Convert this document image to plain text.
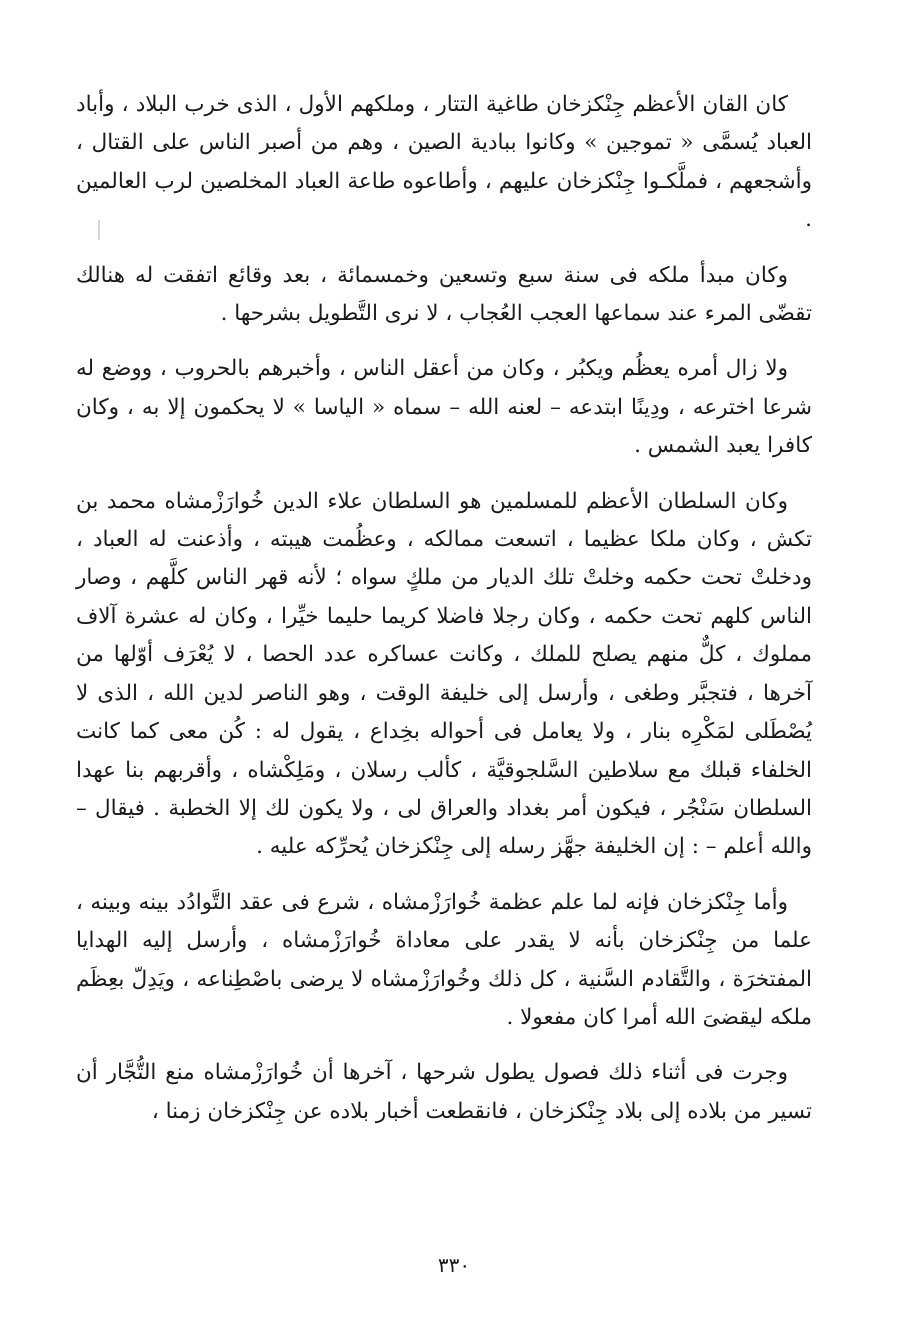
كان القان الأعظم جِنْكزخان طاغية التتار ، وملكهم الأول ، الذى خرب البلاد ، وأباد العباد يُسمَّى « تموجين » وكانوا ببادية الصين ، وهم من أصبر الناس على القتال ، وأشجعهم ، فملَّكـوا جِنْكزخان عليهم ، وأطاعوه طاعة العباد المخلصين لرب العالمين .

وكان مبدأ ملكه فى سنة سبع وتسعين وخمسمائة ، بعد وقائع اتفقت له هنالك تقضّى المرء عند سماعها العجب العُجاب ، لا نرى التَّطويل بشرحها .

ولا زال أمره يعظُم ويكبُر ، وكان من أعقل الناس ، وأخبرهم بالحروب ، ووضع له شرعا اخترعه ، ودِينًا ابتدعه – لعنه الله – سماه « الياسا » لا يحكمون إلا به ، وكان كافرا يعبد الشمس .

وكان السلطان الأعظم للمسلمين هو السلطان علاء الدين خُوارَزْمشاه محمد بن تكش ، وكان ملكا عظيما ، اتسعت ممالكه ، وعظُمت هيبته ، وأذعنت له العباد ، ودخلتْ تحت حكمه وخلتْ تلك الديار من ملكٍ سواه ؛ لأنه قهر الناس كلَّهم ، وصار الناس كلهم تحت حكمه ، وكان رجلا فاضلا كريما حليما خيِّرا ، وكان له عشرة آلاف مملوك ، كلٌّ منهم يصلح للملك ، وكانت عساكره عدد الحصا ، لا يُعْرَف أوّلها من آخرها ، فتجبَّر وطغى ، وأرسل إلى خليفة الوقت ، وهو الناصر لدين الله ، الذى لا يُصْطَلى لمَكْرِه بنار ، ولا يعامل فى أحواله بخِداع ، يقول له : كُن معى كما كانت الخلفاء قبلك مع سلاطين السَّلجوقيَّة ، كألب رسلان ، ومَلِكْشاه ، وأقربهم بنا عهدا السلطان سَنْجُر ، فيكون أمر بغداد والعراق لى ، ولا يكون لك إلا الخطبة . فيقال – والله أعلم – : إن الخليفة جهَّز رسله إلى جِنْكزخان يُحرِّكه عليه .

وأما جِنْكزخان فإنه لما علم عظمة خُوارَزْمشاه ، شرع فى عقد التَّوادُد بينه وبينه ، علما من جِنْكزخان بأنه لا يقدر على معاداة خُوارَزْمشاه ، وأرسل إليه الهدايا المفتخرَة ، والتَّقادم السَّنية ، كل ذلك وخُوارَزْمشاه لا يرضى باصْطِناعه ، ويَدِلّ بعِظَم ملكه ليقضىَ الله أمرا كان مفعولا .

وجرت فى أثناء ذلك فصول يطول شرحها ، آخرها أن خُوارَزْمشاه منع التُّجَّار أن تسير من بلاده إلى بلاد جِنْكزخان ، فانقطعت أخبار بلاده عن جِنْكزخان زمنا ،

٣٣٠
